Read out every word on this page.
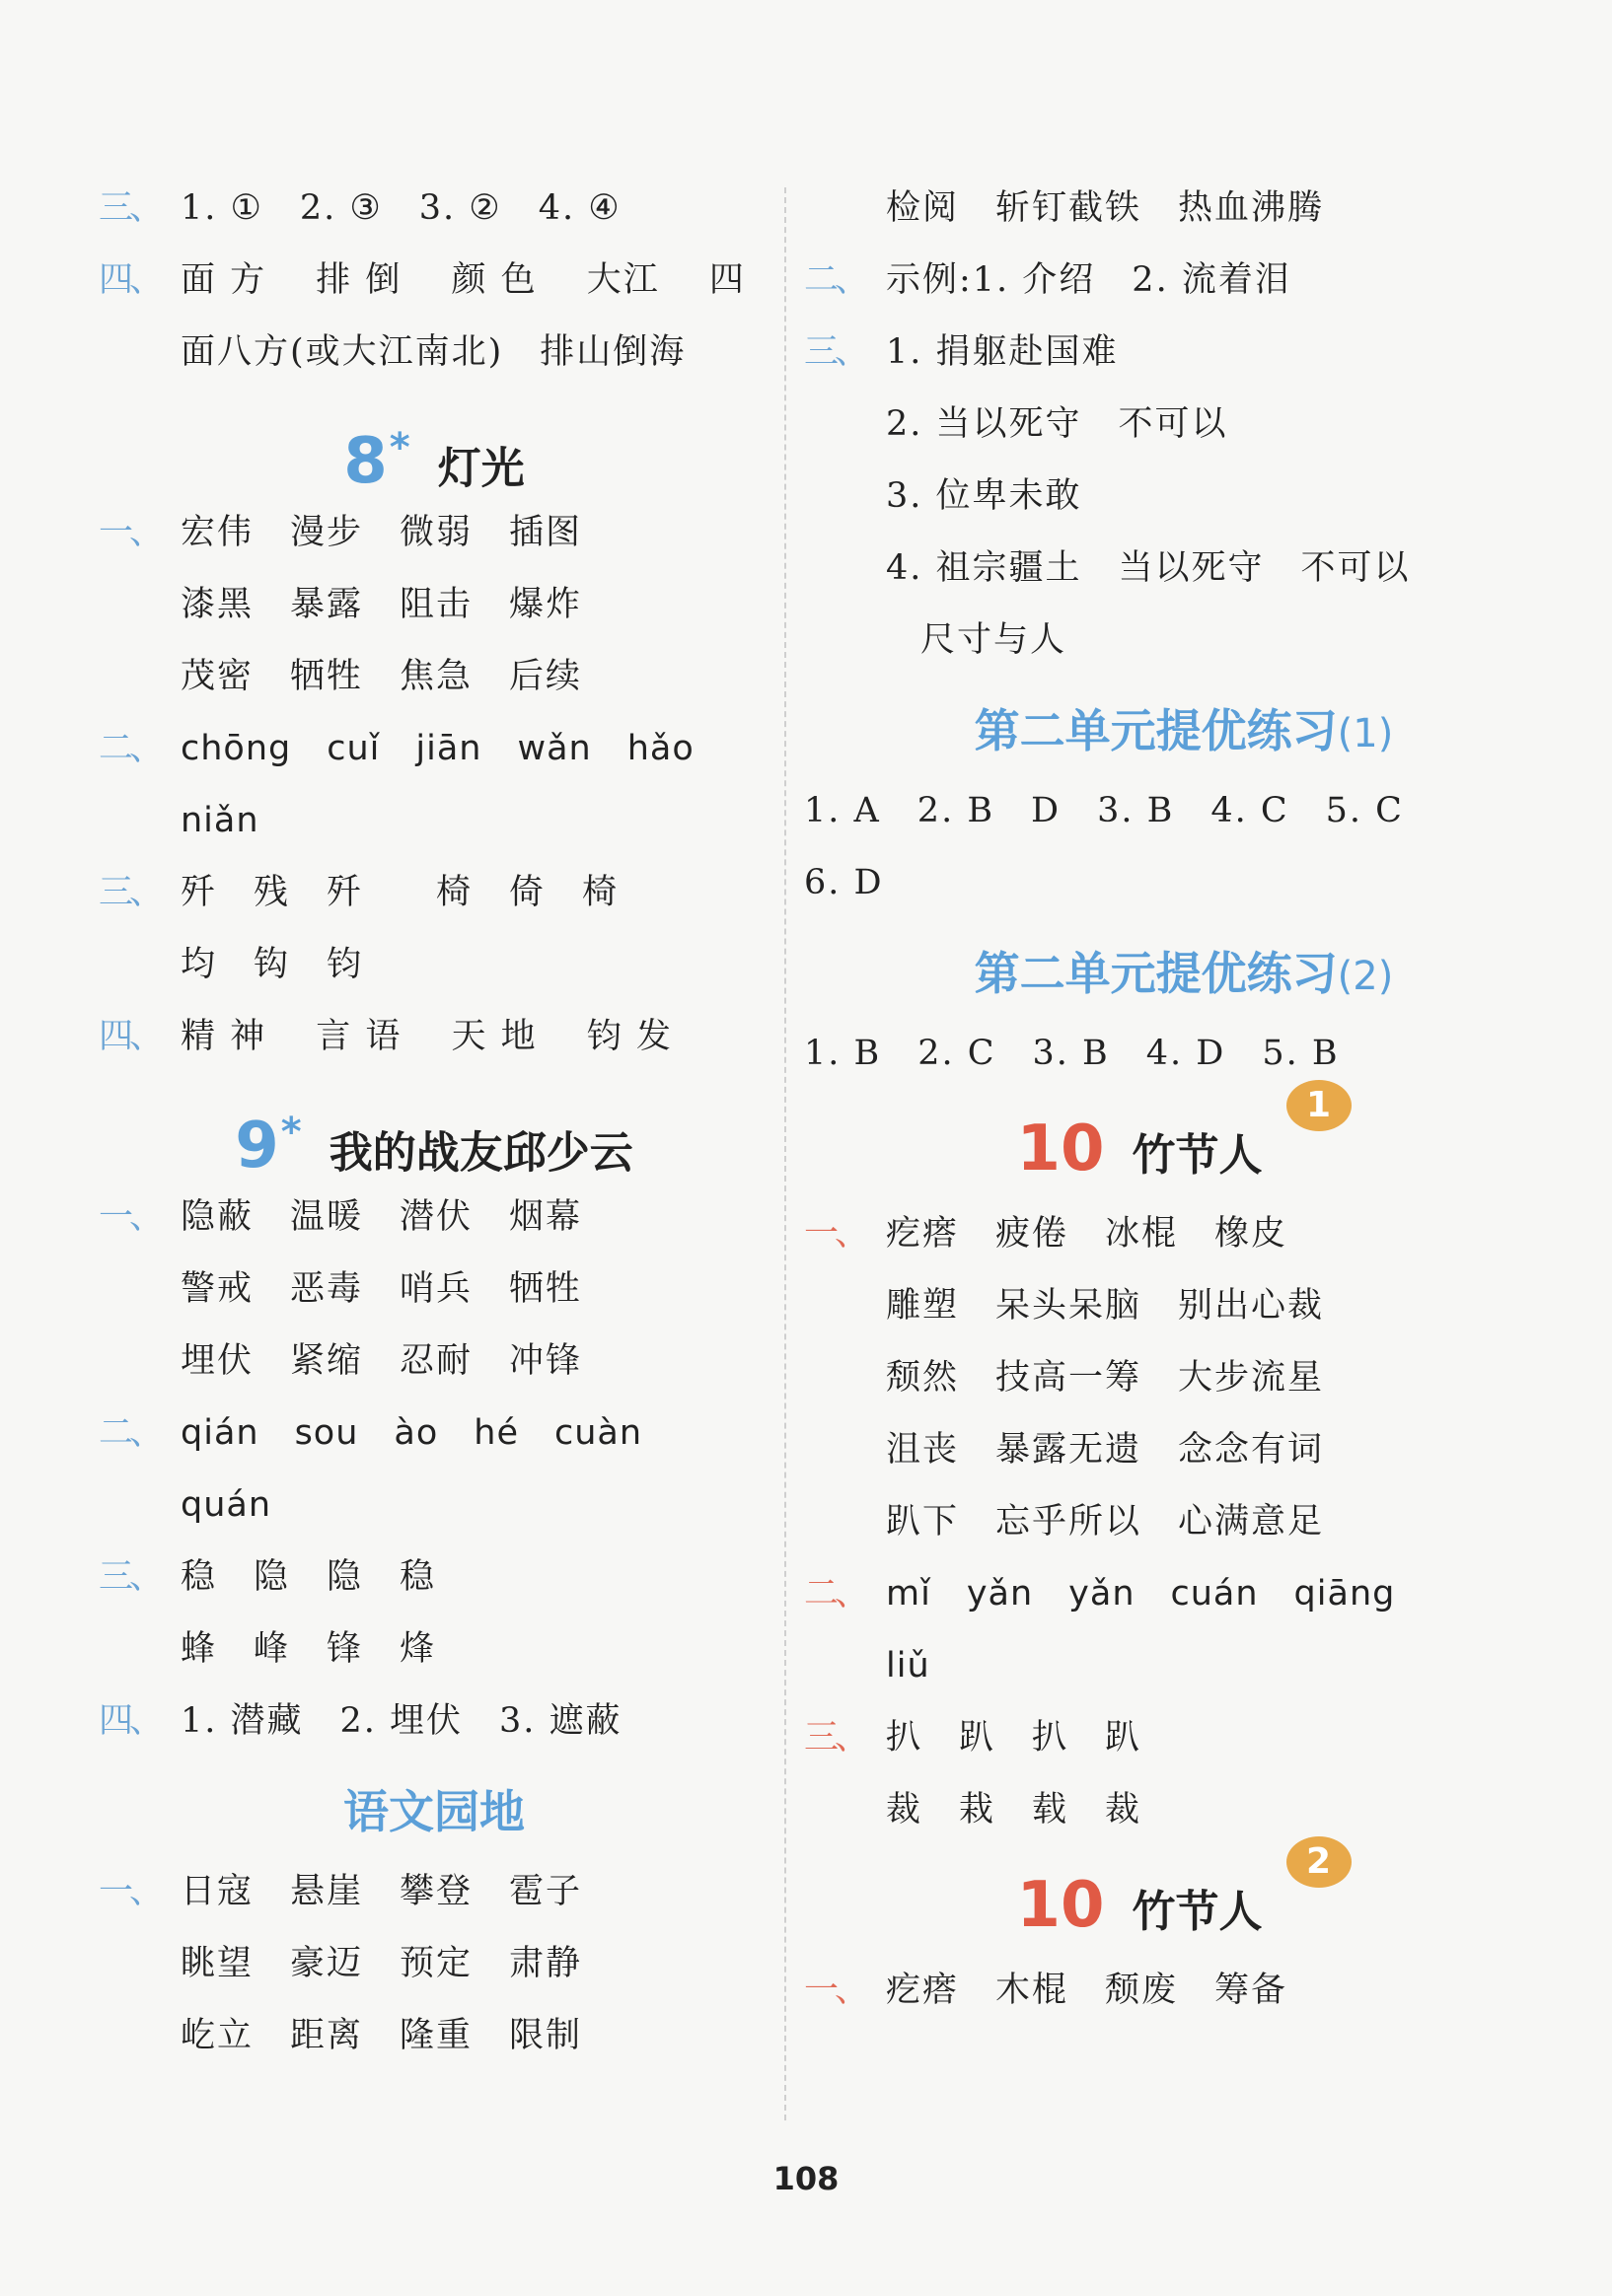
三、 1. ①　2. ③　3. ②　4. ④
四、 面 方　 排 倒　 颜 色　 大江　 四
面八方(或大江南北)　排山倒海
8* 灯光
一、 宏伟　漫步　微弱　插图
漆黑　暴露　阻击　爆炸
茂密　牺牲　焦急　后续
二、 chōng　cuǐ　jiān　wǎn　hǎo
niǎn
三、 歼　残　歼　　椅　倚　椅
均　钩　钧
四、 精 神　 言 语　 天 地　 钧 发
9* 我的战友邱少云
一、 隐蔽　温暖　潜伏　烟幕
警戒　恶毒　哨兵　牺牲
埋伏　紧缩　忍耐　冲锋
二、 qián　sou　ào　hé　cuàn
quán
三、 稳　隐　隐　稳
蜂　峰　锋　烽
四、 1. 潜藏　2. 埋伏　3. 遮蔽
语文园地
一、 日寇　悬崖　攀登　雹子
眺望　豪迈　预定　肃静
屹立　距离　隆重　限制
检阅　斩钉截铁　热血沸腾
二、 示例:1. 介绍　2. 流着泪
三、 1. 捐躯赴国难
2. 当以死守　不可以
3. 位卑未敢
4. 祖宗疆土　当以死守　不可以
尺寸与人
第二单元提优练习(1)
1. A　2. B　D　3. B　4. C　5. C
6. D
第二单元提优练习(2)
1. B　2. C　3. B　4. D　5. B
10 竹节人1
一、 疙瘩　疲倦　冰棍　橡皮
雕塑　呆头呆脑　别出心裁
颓然　技高一筹　大步流星
沮丧　暴露无遗　念念有词
趴下　忘乎所以　心满意足
二、 mǐ　yǎn　yǎn　cuán　qiāng
liǔ
三、 扒　趴　扒　趴
裁　栽　载　裁
10 竹节人2
一、 疙瘩　木棍　颓废　筹备
108
